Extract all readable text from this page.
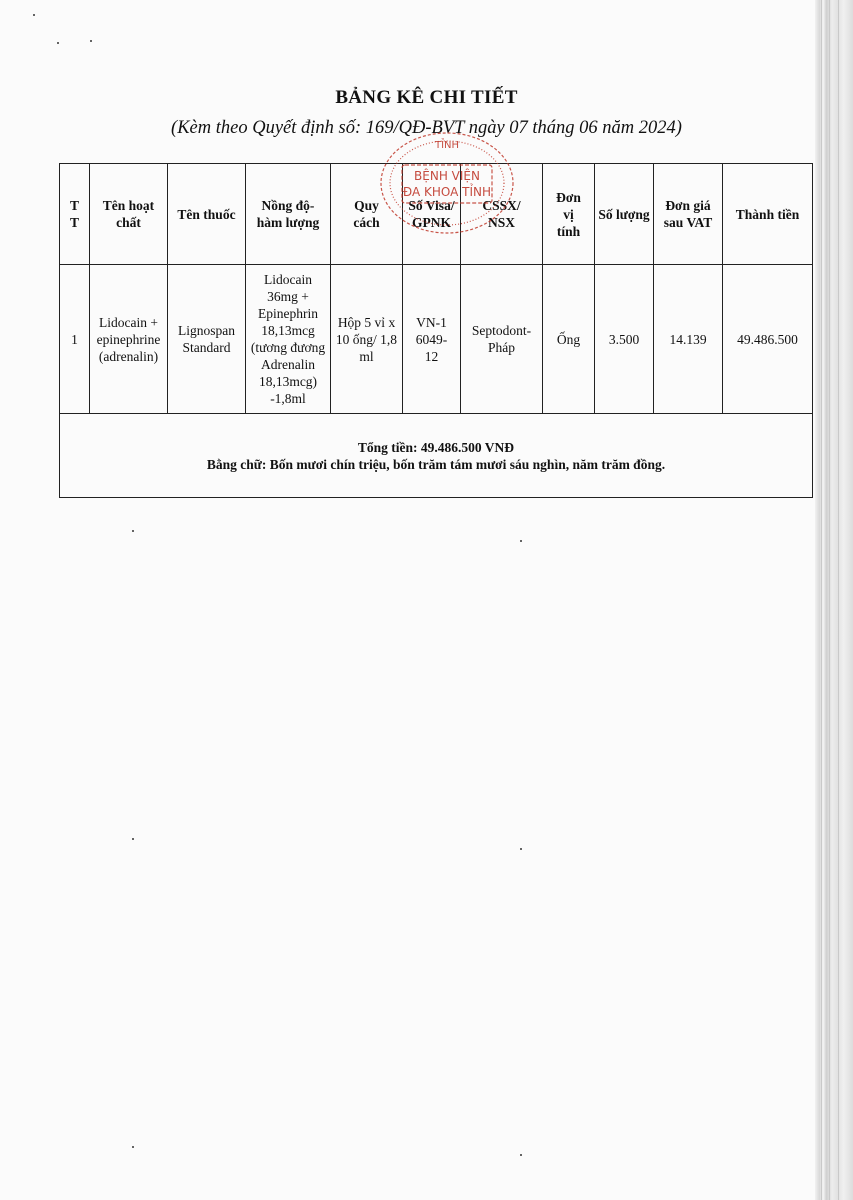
BẢNG KÊ CHI TIẾT
(Kèm theo Quyết định số: 169/QĐ-BVT ngày 07 tháng 06 năm 2024)
T T	Tên hoạt chất	Tên thuốc	Nồng độ- hàm lượng	Quy cách	Số Visa/ GPNK	CSSX/ NSX	Đơn vị tính	Số lượng	Đơn giá sau VAT	Thành tiền
1	Lidocain + epinephrine (adrenalin)	Lignospan Standard	Lidocain 36mg + Epinephrin 18,13mcg (tương đương Adrenalin 18,13mcg) -1,8ml	Hộp 5 vỉ x 10 ống/ 1,8 ml	VN-16049-12	Septodont- Pháp	Ống	3.500	14.139	49.486.500

Tổng tiền: 49.486.500 VNĐ
Bằng chữ: Bốn mươi chín triệu, bốn trăm tám mươi sáu nghìn, năm trăm đồng.										
TỈNH
BỆNH VIỆN
ĐA KHOA TỈNH
